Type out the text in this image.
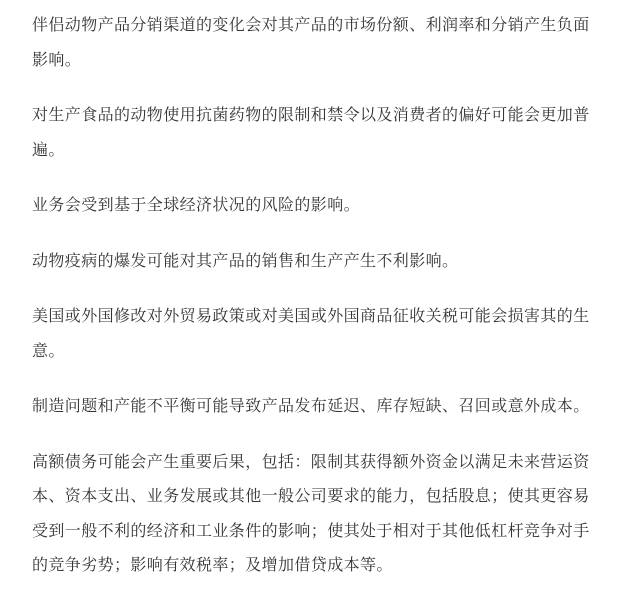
伴侣动物产品分销渠道的变化会对其产品的市场份额、利润率和分销产生负面影响。

对生产食品的动物使用抗菌药物的限制和禁令以及消费者的偏好可能会更加普遍。

业务会受到基于全球经济状况的风险的影响。

动物疫病的爆发可能对其产品的销售和生产产生不利影响。

美国或外国修改对外贸易政策或对美国或外国商品征收关税可能会损害其的生意。

制造问题和产能不平衡可能导致产品发布延迟、库存短缺、召回或意外成本。

高额债务可能会产生重要后果，包括：限制其获得额外资金以满足未来营运资本、资本支出、业务发展或其他一般公司要求的能力，包括股息；使其更容易受到一般不利的经济和工业条件的影响；使其处于相对于其他低杠杆竞争对手的竞争劣势；影响有效税率；及增加借贷成本等。
